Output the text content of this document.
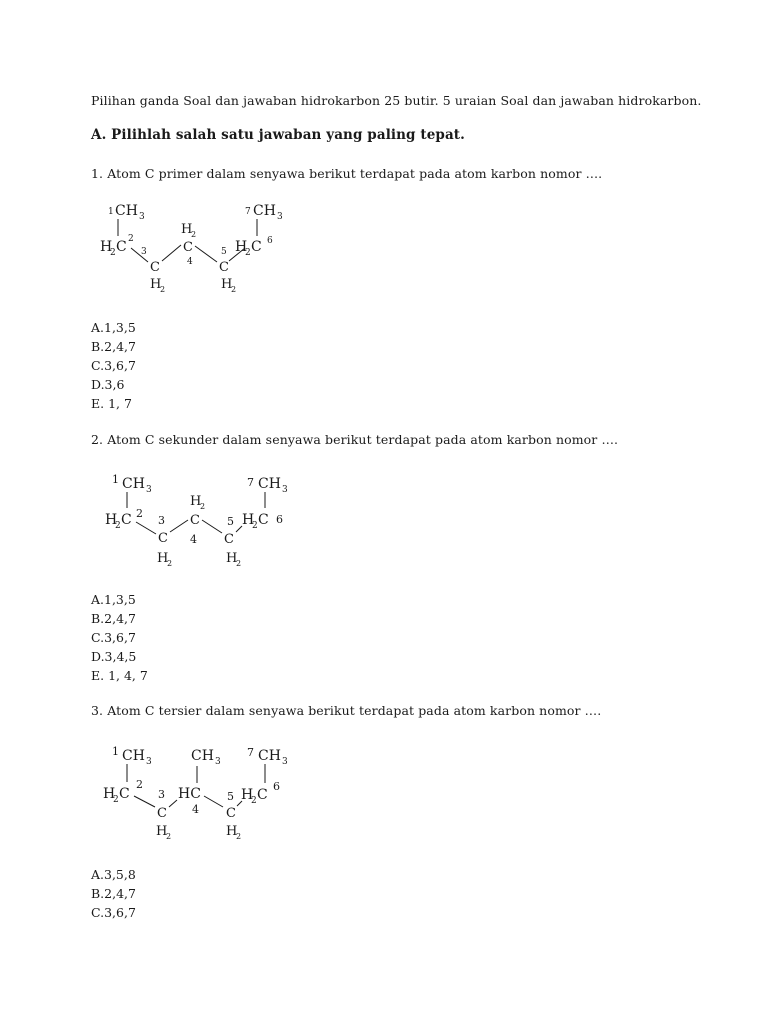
Pilihan ganda Soal dan jawaban hidrokarbon 25 butir. 5 uraian Soal dan jawaban hidrokarbon.
A. Pilihlah salah satu jawaban yang paling tepat.
1. Atom C primer dalam senyawa berikut terdapat pada atom karbon nomor ….
1 CH 3
H
2 C 2
3
C
H
2
H
2
C
4
5
C
H
2
H
2 C 6
7 CH 3
A.1,3,5
B.2,4,7
C.3,6,7
D.3,6
E. 1, 7
2. Atom C sekunder dalam senyawa berikut terdapat pada atom karbon nomor ….
1 CH 3
H
2 C 2
3
C
H
2
H
2
C
4
5
C
H
2
H
2 C 6
7 CH 3
A.1,3,5
B.2,4,7
C.3,6,7
D.3,4,5
E. 1, 4, 7
3. Atom C tersier dalam senyawa berikut terdapat pada atom karbon nomor ….
1 CH 3
H
2 C
2
3
C
H
2
HC
4
CH 3
5
C
H
2
H
2 C
6
7 CH 3
A.3,5,8
B.2,4,7
C.3,6,7
